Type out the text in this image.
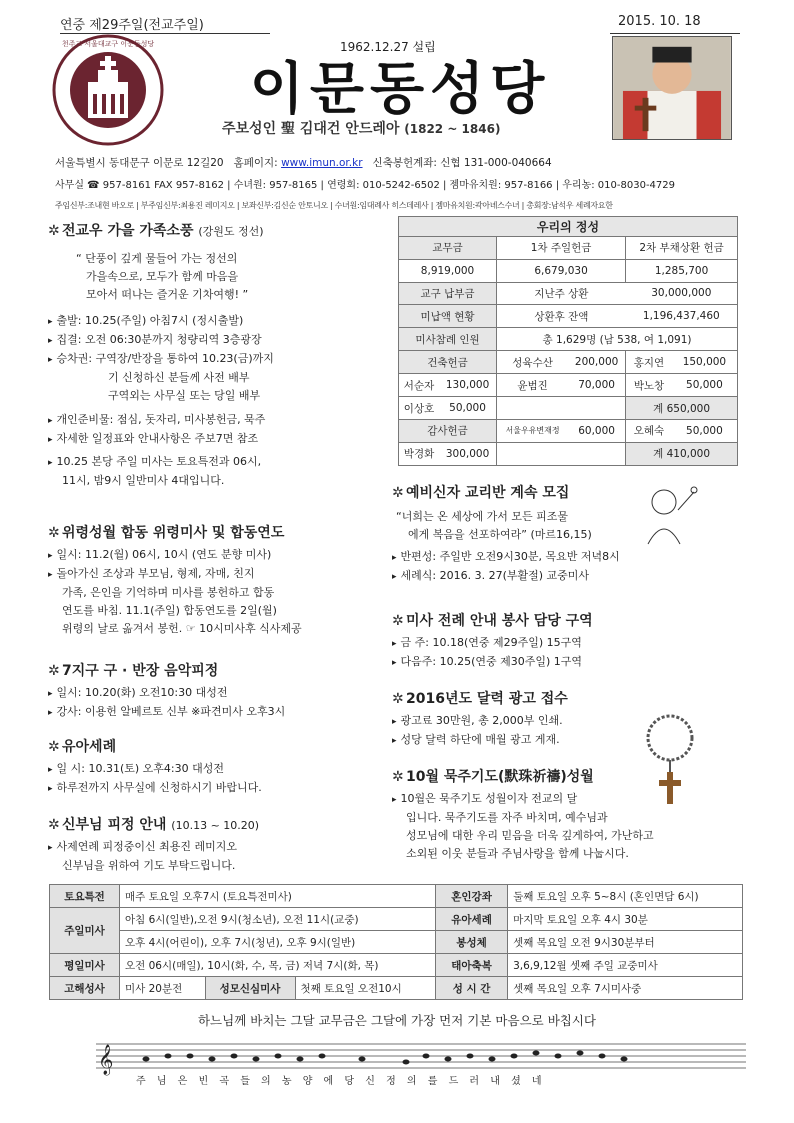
연중 제29주일(전교주일)	2015. 10. 18
천주교 서울대교구 이문동성당	1962.12.27 설립
이문동성당
주보성인 聖 김대건 안드레아 (1822 ~ 1846)
서울특별시 동대문구 이문로 12길20 홈페이지: www.imun.or.kr 신축봉헌계좌: 신협 131-000-040664
사무실 ☎ 957-8161 FAX 957-8162 | 수녀원: 957-8165 | 연령회: 010-5242-6502 | 젬마유치원: 957-8166 | 우리농: 010-8030-4729
주임신부:조내현 바오로 | 부주임신부:최용진 레미지오 | 보좌신부:김신순 안토니오 | 수녀원:임대례사 히스데레사 | 젬마유치원:곽아녜스수녀 | 총회장:남석우 세례자요한
✲ 전교우 가을 가족소풍 (강원도 정선)
“ 단풍이 깊게 물들어 가는 정선의
가을속으로, 모두가 함께 마음을
모아서 떠나는 즐거운 기차여행! ”
▸ 출발: 10.25(주일) 아침7시 (정시출발)
▸ 집결: 오전 06:30분까지 청량리역 3층광장
▸ 승차권: 구역장/반장을 통하여 10.23(금)까지
기 신청하신 분들께 사전 배부
구역외는 사무실 또는 당일 배부
▸ 개인준비물: 점심, 돗자리, 미사봉헌금, 묵주
▸ 자세한 일정표와 안내사항은 주보7면 참조
▸ 10.25 본당 주일 미사는 토요특전과 06시,
11시, 밤9시 일반미사 4대입니다.
✲ 위령성월 합동 위령미사 및 합동연도
▸ 일시: 11.2(월) 06시, 10시 (연도 분향 미사)
▸ 돌아가신 조상과 부모님, 형제, 자매, 친지
가족, 은인을 기억하며 미사를 봉헌하고 합동
연도를 바침. 11.1(주일) 합동연도를 2일(월)
위령의 날로 옮겨서 봉헌. ☞ 10시미사후 식사제공
✲ 7지구 구 · 반장 음악피정
▸ 일시: 10.20(화) 오전10:30 대성전
▸ 강사: 이용헌 알베르토 신부 ※파견미사 오후3시
✲ 유아세례
▸ 일 시: 10.31(토) 오후4:30 대성전
▸ 하루전까지 사무실에 신청하시기 바랍니다.
✲ 신부님 피정 안내 (10.13 ~ 10.20)
▸ 사제연례 피정중이신 최용진 레미지오
신부님을 위하여 기도 부탁드립니다.
우리의 정성					
교무금		1차 주일헌금		2차 부채상환 헌금	
8,919,000		6,679,030		1,285,700	
교구 납부금		지난주 상환		30,000,000	
미납액 현황		상환후 잔액		1,196,437,460	
미사참례 인원		총 1,629명 (남 538, 여 1,091)			
건축헌금		성육수산	200,000	홍지연	150,000
서순자	130,000	윤범진	70,000	박노창	50,000
이상호	50,000			계 650,000	
감사헌금		서울우유변재정	60,000	오혜숙	50,000
박경화	300,000			계 410,000	
✲ 예비신자 교리반 계속 모집
“너희는 온 세상에 가서 모든 피조물
에게 복음을 선포하여라” (마르16,15)
▸ 반편성: 주일반 오전9시30분, 목요반 저녁8시
▸ 세례식: 2016. 3. 27(부활절) 교중미사
✲ 미사 전례 안내 봉사 담당 구역
▸ 금 주: 10.18(연중 제29주일) 15구역
▸ 다음주: 10.25(연중 제30주일) 1구역
✲ 2016년도 달력 광고 접수
▸ 광고료 30만원, 총 2,000부 인쇄.
▸ 성당 달력 하단에 매월 광고 게재.
✲ 10월 묵주기도(默珠祈禱)성월
▸ 10월은 묵주기도 성월이자 전교의 달
입니다. 묵주기도를 자주 바치며, 예수님과
성모님에 대한 우리 믿음을 더욱 깊게하여, 가난하고
소외된 이웃 분들과 주님사랑을 함께 나눕시다.
토요특전	매주 토요일 오후7시 (토요특전미사)			혼인강좌	둘째 토요일 오후 5~8시 (혼인면담 6시)
주일미사	아침 6시(일반),오전 9시(청소년), 오전 11시(교중)			유아세례	마지막 토요일 오후 4시 30분
	오후 4시(어린이), 오후 7시(청년), 오후 9시(일반)			봉성체	셋째 목요일 오전 9시30분부터
평일미사	오전 06시(매일), 10시(화, 수, 목, 금) 저녁 7시(화, 목)			태아축복	3,6,9,12월 셋째 주일 교중미사
고해성사	미사 20분전	성모신심미사	첫째 토요일 오전10시	성 시 간	셋째 목요일 오후 7시미사중
하느님께 바치는 그달 교무금은 그달에 가장 먼저 기본 마음으로 바칩시다
𝄞
주 님 은 빈 곡 들 의 농 양 에 당 신 정 의 를 드 러 내 셨 네
